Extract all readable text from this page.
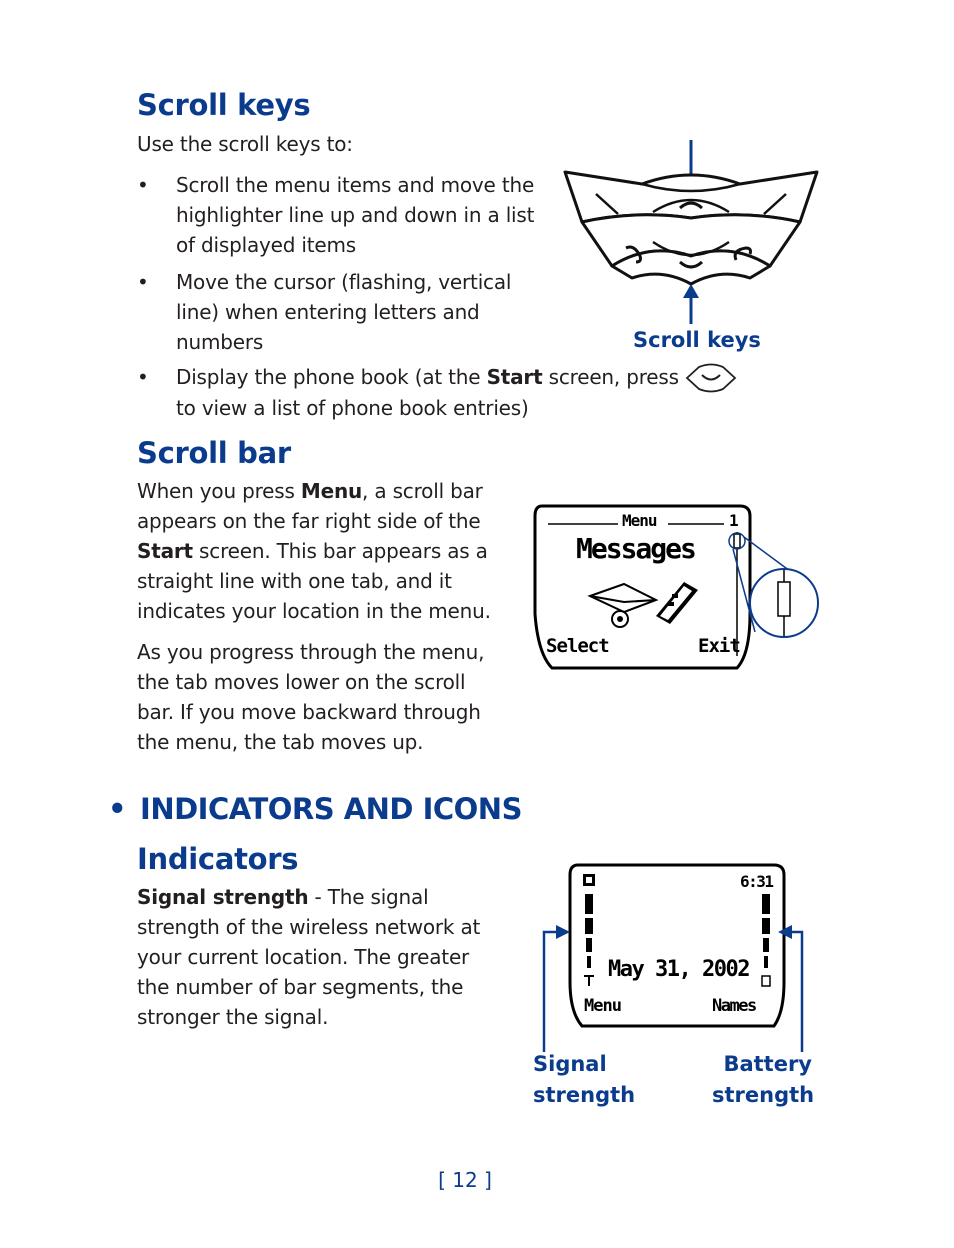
Scroll keys
Use the scroll keys to:
• Scroll the menu items and move the highlighter line up and down in a list of displayed items
• Move the cursor (flashing, vertical line) when entering letters and numbers
•	Display the phone book (at the Start screen, press  to view a list of phone book entries)
Scroll keys
Scroll bar
When you press Menu, a scroll bar appears on the far right side of the Start screen. This bar appears as a straight line with one tab, and it indicates your location in the menu.
As you progress through the menu, the tab moves lower on the scroll bar. If you move backward through the menu, the tab moves up.
Menu	1
Messages
Select	Exit
• INDICATORS AND ICONS
Indicators
Signal strength - The signal strength of the wireless network at your current location. The greater the number of bar segments, the stronger the signal.
6:31
May 31, 2002
Menu	Names
Signal
strength
Battery
strength
[ 12 ]
